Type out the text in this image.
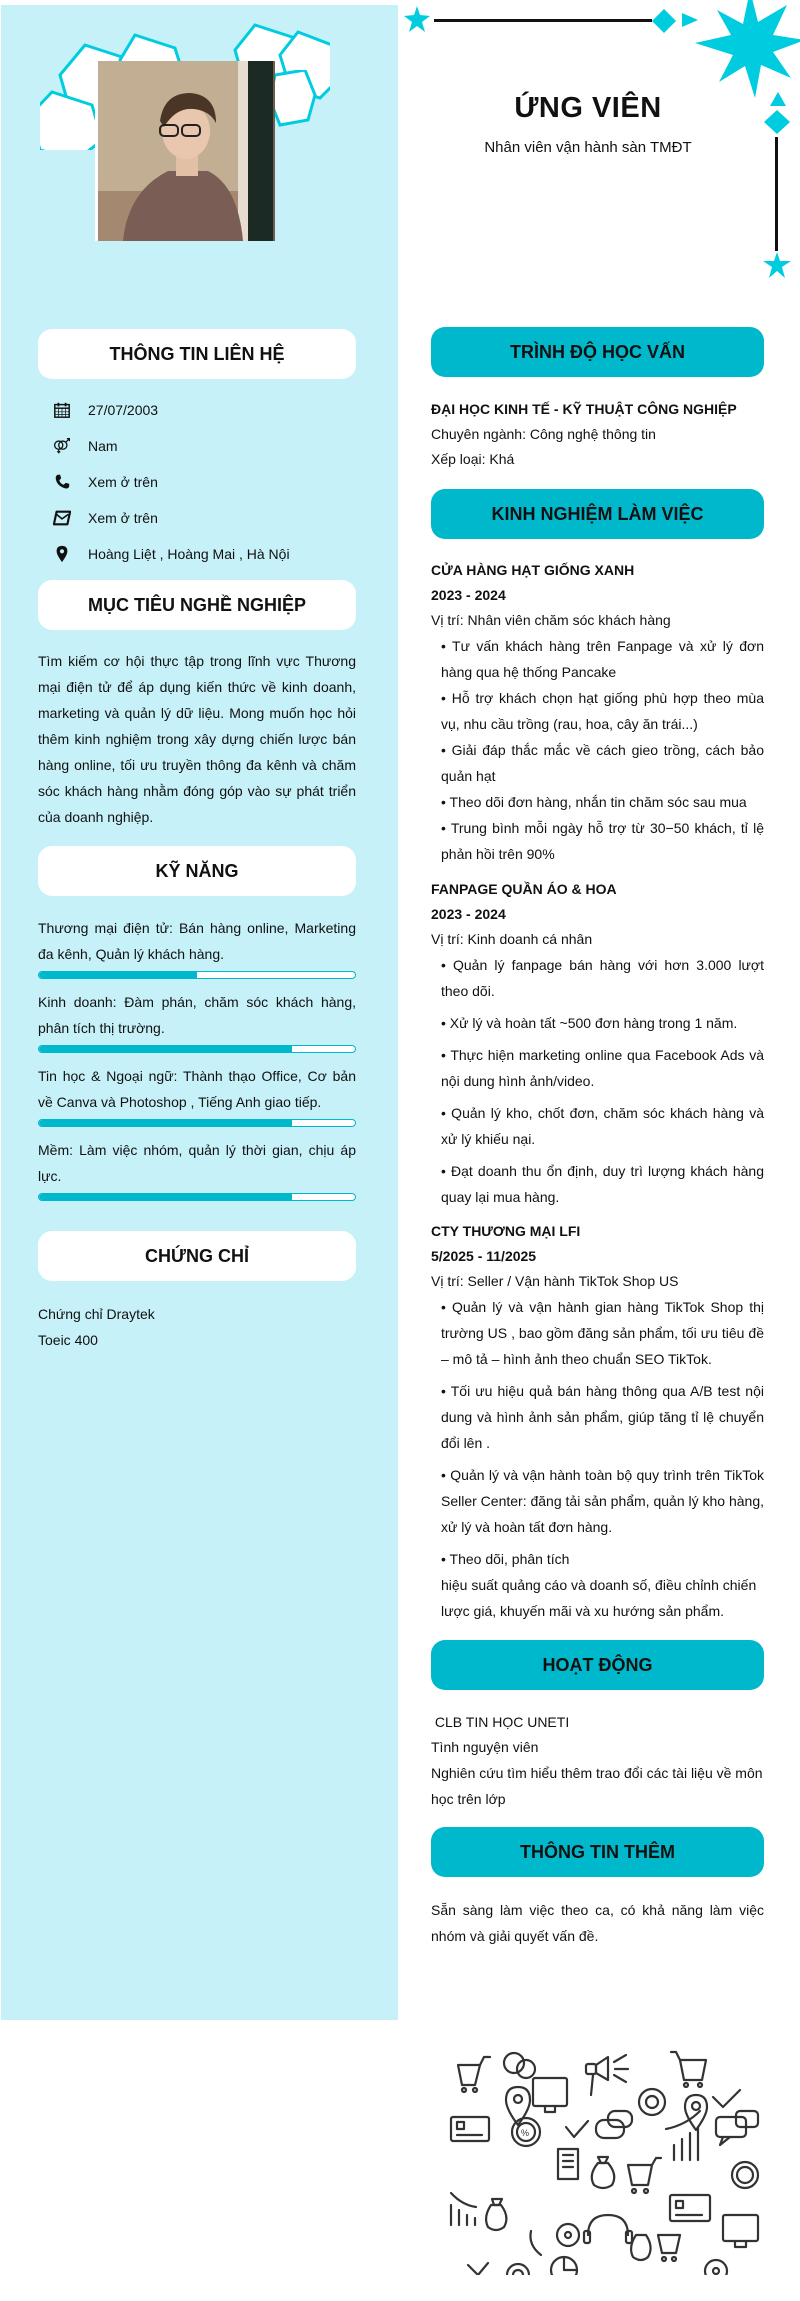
THÔNG TIN LIÊN HỆ
27/07/2003
Nam
Xem ở trên
Xem ở trên
Hoàng Liệt , Hoàng Mai , Hà Nội
MỤC TIÊU NGHỀ NGHIỆP
Tìm kiếm cơ hội thực tập trong lĩnh vực Thương mại điện tử để áp dụng kiến thức về kinh doanh, marketing và quản lý dữ liệu. Mong muốn học hỏi thêm kinh nghiệm trong xây dựng chiến lược bán hàng online, tối ưu truyền thông đa kênh và chăm sóc khách hàng nhằm đóng góp vào sự phát triển của doanh nghiệp.
KỸ NĂNG
Thương mại điện tử: Bán hàng online, Marketing đa kênh, Quản lý khách hàng.
Kinh doanh: Đàm phán, chăm sóc khách hàng, phân tích thị trường.
Tin học & Ngoại ngữ: Thành thạo Office, Cơ bản về Canva và Photoshop , Tiếng Anh giao tiếp.
Mềm: Làm việc nhóm, quản lý thời gian, chịu áp lực.
CHỨNG CHỈ
Chứng chỉ Draytek
Toeic 400
ỨNG VIÊN
Nhân viên vận hành sàn TMĐT
TRÌNH ĐỘ HỌC VẤN
ĐẠI HỌC KINH TẾ - KỸ THUẬT CÔNG NGHIỆP
Chuyên ngành: Công nghệ thông tin
Xếp loại: Khá
KINH NGHIỆM LÀM VIỆC
CỬA HÀNG HẠT GIỐNG XANH
2023 - 2024
Vị trí: Nhân viên chăm sóc khách hàng

• Tư vấn khách hàng trên Fanpage và xử lý đơn hàng qua hệ thống Pancake

• Hỗ trợ khách chọn hạt giống phù hợp theo mùa vụ, nhu cầu trồng (rau, hoa, cây ăn trái...)

• Giải đáp thắc mắc về cách gieo trồng, cách bảo quản hạt

• Theo dõi đơn hàng, nhắn tin chăm sóc sau mua

• Trung bình mỗi ngày hỗ trợ từ 30−50 khách, tỉ lệ phản hồi trên 90%

FANPAGE QUẦN ÁO & HOA
2023 - 2024
Vị trí: Kinh doanh cá nhân

• Quản lý fanpage bán hàng với hơn 3.000 lượt theo dõi.

• Xử lý và hoàn tất ~500 đơn hàng trong 1 năm.

• Thực hiện marketing online qua Facebook Ads và nội dung hình ảnh/video.

• Quản lý kho, chốt đơn, chăm sóc khách hàng và xử lý khiếu nại.

• Đạt doanh thu ổn định, duy trì lượng khách hàng quay lại mua hàng.

CTY THƯƠNG MẠI LFI
5/2025 - 11/2025
Vị trí: Seller / Vận hành TikTok Shop US

• Quản lý và vận hành gian hàng TikTok Shop thị trường US , bao gồm đăng sản phẩm, tối ưu tiêu đề – mô tả – hình ảnh theo chuẩn SEO TikTok.

• Tối ưu hiệu quả bán hàng thông qua A/B test nội dung và hình ảnh sản phẩm, giúp tăng tỉ lệ chuyển đổi lên .

• Quản lý và vận hành toàn bộ quy trình trên TikTok Seller Center: đăng tải sản phẩm, quản lý kho hàng, xử lý và hoàn tất đơn hàng.

• Theo dõi, phân tích

hiệu suất quảng cáo và doanh số, điều chỉnh chiến lược giá, khuyến mãi và xu hướng sản phẩm.

HOẠT ĐỘNG
CLB TIN HỌC UNETI
Tình nguyện viên
Nghiên cứu tìm hiểu thêm trao đổi các tài liệu về môn học trên lớp
THÔNG TIN THÊM
Sẵn sàng làm việc theo ca, có khả năng làm việc nhóm và giải quyết vấn đề.
%
